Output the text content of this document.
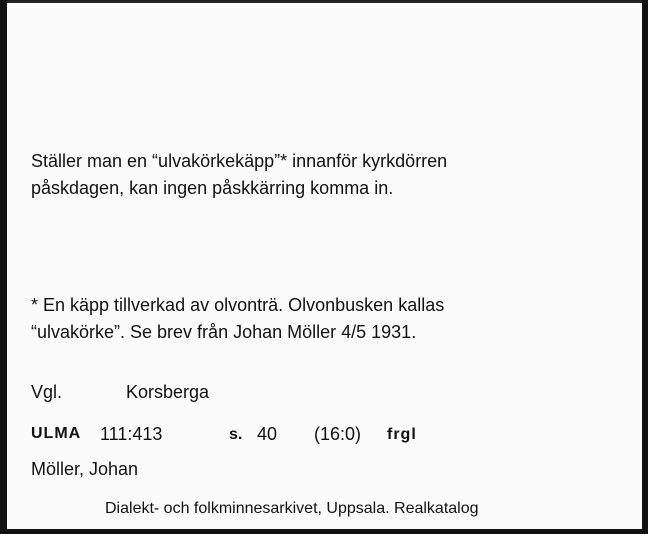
Ställer man en “ulvakörkekäpp”* innanför kyrkdörren
påskdagen, kan ingen påskkärring komma in.
* En käpp tillverkad av olvonträ. Olvonbusken kallas
“ulvakörke”. Se brev från Johan Möller 4/5 1931.
Vgl.	Korsberga
ULMA 111:413	s. 40 (16:0) frgl
Möller, Johan
Dialekt- och folkminnesarkivet, Uppsala. Realkatalog
